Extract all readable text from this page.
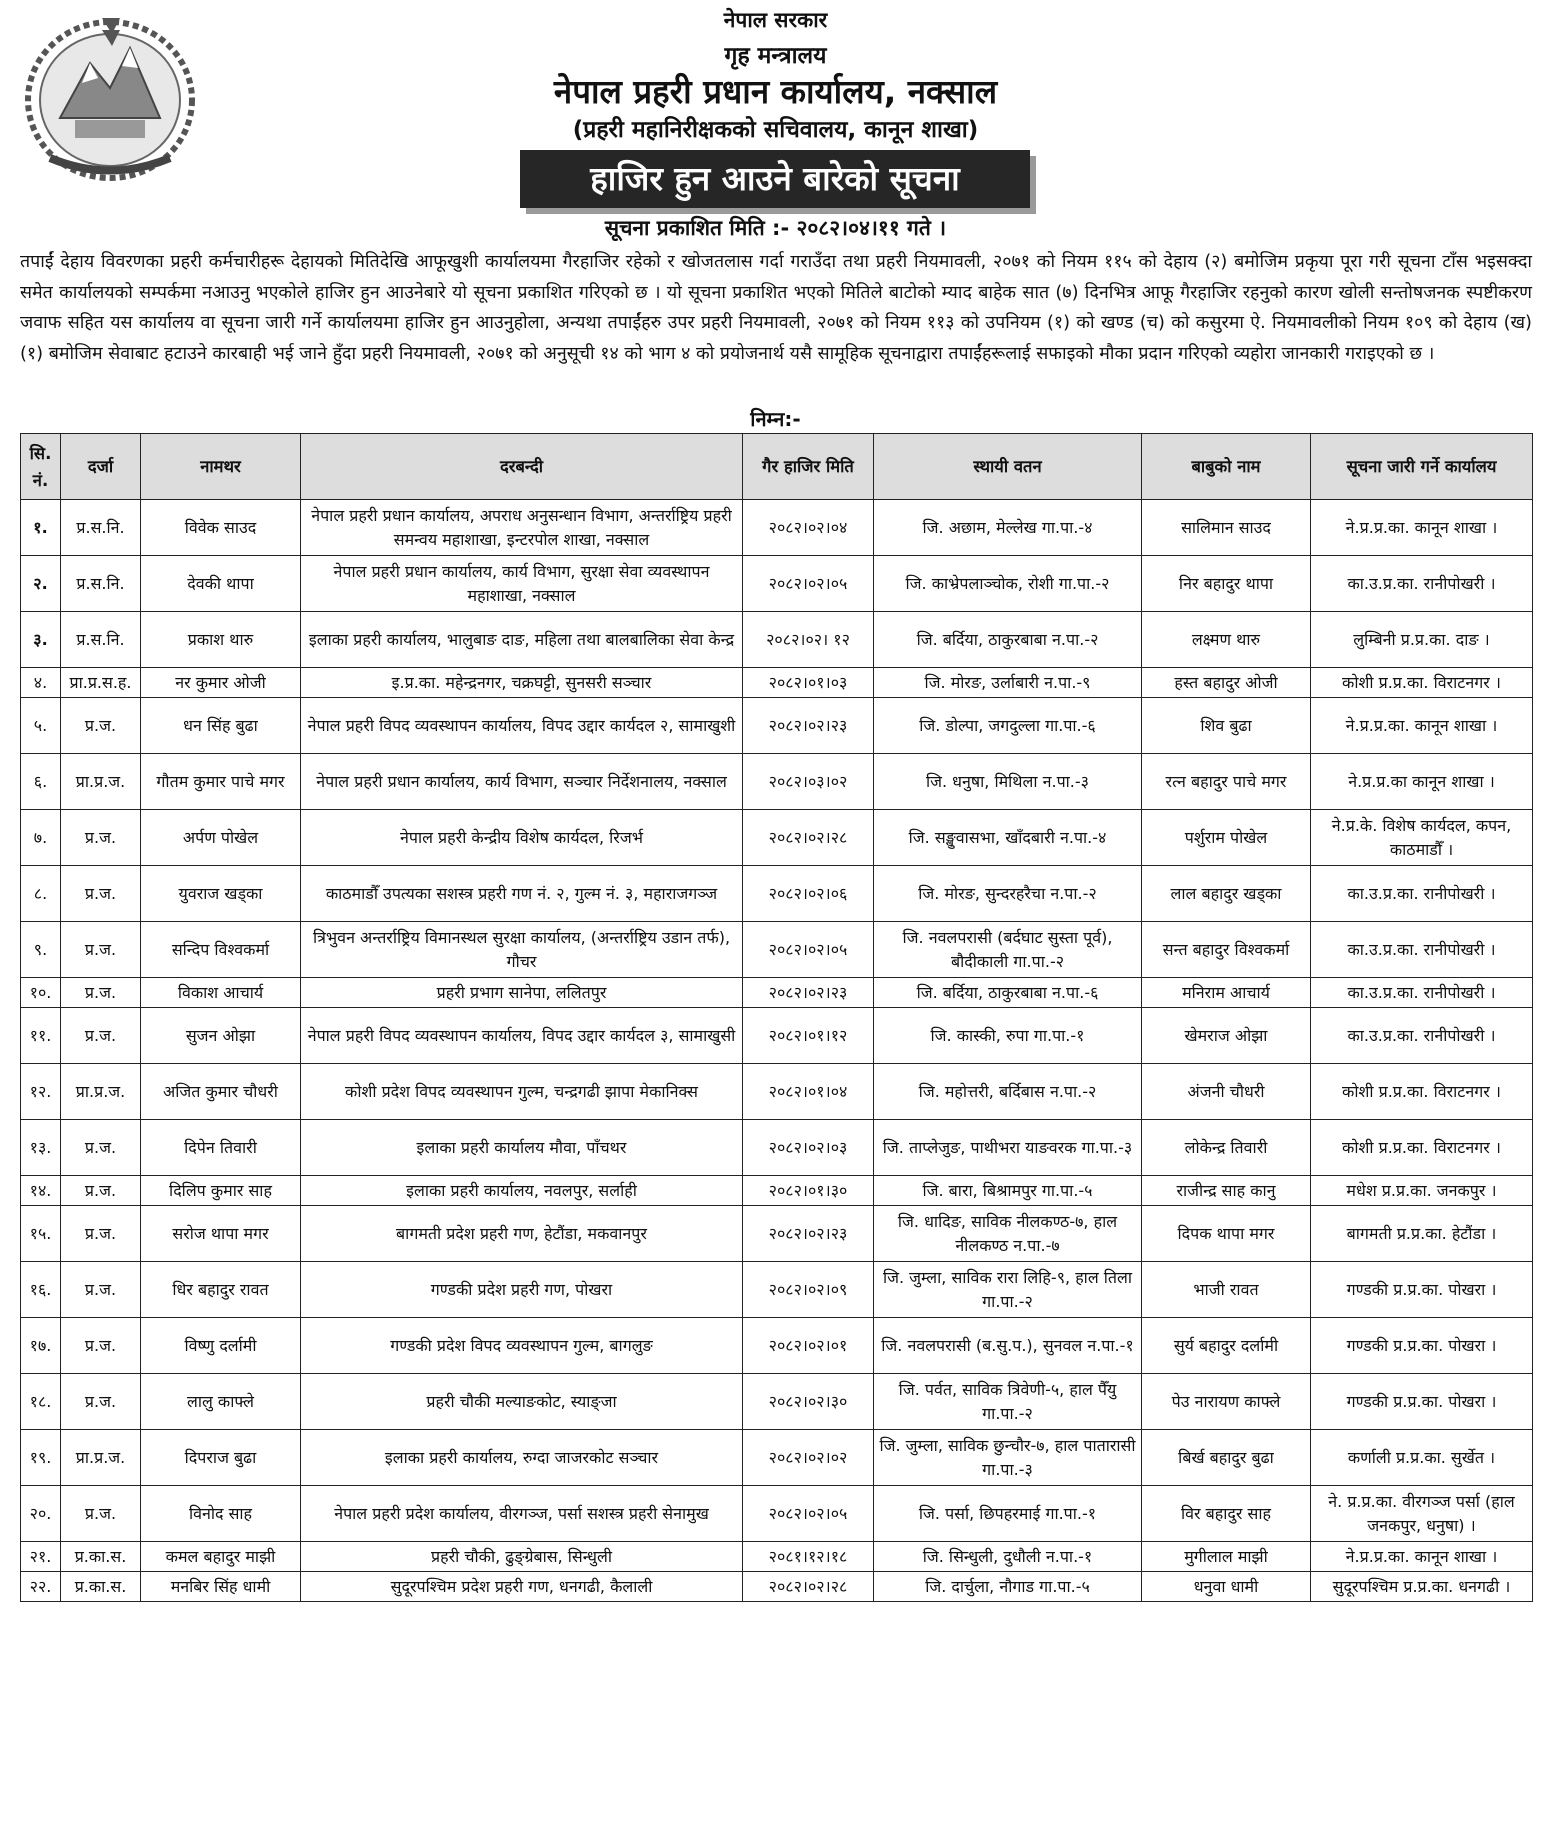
नेपाल सरकार
गृह मन्त्रालय
नेपाल प्रहरी प्रधान कार्यालय, नक्साल
(प्रहरी महानिरीक्षकको सचिवालय, कानून शाखा)
हाजिर हुन आउने बारेको सूचना
सूचना प्रकाशित मिति :- २०८२।०४।११ गते ।
तपाईं देहाय विवरणका प्रहरी कर्मचारीहरू देहायको मितिदेखि आफूखुशी कार्यालयमा गैरहाजिर रहेको र खोजतलास गर्दा गराउँदा तथा प्रहरी नियमावली, २०७१ को नियम ११५ को देहाय (२) बमोजिम प्रकृया पूरा गरी सूचना टाँस भइसक्दा समेत कार्यालयको सम्पर्कमा नआउनु भएकोले हाजिर हुन आउनेबारे यो सूचना प्रकाशित गरिएको छ । यो सूचना प्रकाशित भएको मितिले बाटोको म्याद बाहेक सात (७) दिनभित्र आफू गैरहाजिर रहनुको कारण खोली सन्तोषजनक स्पष्टीकरण जवाफ सहित यस कार्यालय वा सूचना जारी गर्ने कार्यालयमा हाजिर हुन आउनुहोला, अन्यथा तपाईंहरु उपर प्रहरी नियमावली, २०७१ को नियम ११३ को उपनियम (१) को खण्ड (च) को कसुरमा ऐ. नियमावलीको नियम १०९ को देहाय (ख) (१) बमोजिम सेवाबाट हटाउने कारबाही भई जाने हुँदा प्रहरी नियमावली, २०७१ को अनुसूची १४ को भाग ४ को प्रयोजनार्थ यसै सामूहिक सूचनाद्वारा तपाईंहरूलाई सफाइको मौका प्रदान गरिएको व्यहोरा जानकारी गराइएको छ ।
निम्न:-
सि. नं.	दर्जा	नामथर	दरबन्दी	गैर हाजिर मिति	स्थायी वतन	बाबुको नाम	सूचना जारी गर्ने कार्यालय
१.	प्र.स.नि.	विवेक साउद	नेपाल प्रहरी प्रधान कार्यालय, अपराध अनुसन्धान विभाग, अन्तर्राष्ट्रिय प्रहरी समन्वय महाशाखा, इन्टरपोल शाखा, नक्साल	२०८२।०२।०४	जि. अछाम, मेल्लेख गा.पा.-४	सालिमान साउद	ने.प्र.प्र.का. कानून शाखा ।
२.	प्र.स.नि.	देवकी थापा	नेपाल प्रहरी प्रधान कार्यालय, कार्य विभाग, सुरक्षा सेवा व्यवस्थापन महाशाखा, नक्साल	२०८२।०२।०५	जि. काभ्रेपलाञ्चोक, रोशी गा.पा.-२	निर बहादुर थापा	का.उ.प्र.का. रानीपोखरी ।
३.	प्र.स.नि.	प्रकाश थारु	इलाका प्रहरी कार्यालय, भालुबाङ दाङ, महिला तथा बालबालिका सेवा केन्द्र	२०८२।०२। १२	जि. बर्दिया, ठाकुरबाबा न.पा.-२	लक्ष्मण थारु	लुम्बिनी प्र.प्र.का. दाङ ।
४.	प्रा.प्र.स.ह.	नर कुमार ओजी	इ.प्र.का. महेन्द्रनगर, चक्रघट्टी, सुनसरी सञ्चार	२०८२।०१।०३	जि. मोरङ, उर्लाबारी न.पा.-९	हस्त बहादुर ओजी	कोशी प्र.प्र.का. विराटनगर ।
५.	प्र.ज.	धन सिंह बुढा	नेपाल प्रहरी विपद व्यवस्थापन कार्यालय, विपद उद्दार कार्यदल २, सामाखुशी	२०८२।०२।२३	जि. डोल्पा, जगदुल्ला गा.पा.-६	शिव बुढा	ने.प्र.प्र.का. कानून शाखा ।
६.	प्रा.प्र.ज.	गौतम कुमार पाचे मगर	नेपाल प्रहरी प्रधान कार्यालय, कार्य विभाग, सञ्चार निर्देशनालय, नक्साल	२०८२।०३।०२	जि. धनुषा, मिथिला न.पा.-३	रत्न बहादुर पाचे मगर	ने.प्र.प्र.का कानून शाखा ।
७.	प्र.ज.	अर्पण पोखेल	नेपाल प्रहरी केन्द्रीय विशेष कार्यदल, रिजर्भ	२०८२।०२।२८	जि. सङ्खुवासभा, खाँदबारी न.पा.-४	पर्शुराम पोखेल	ने.प्र.के. विशेष कार्यदल, कपन, काठमाडौँ ।
८.	प्र.ज.	युवराज खड्का	काठमाडौँ उपत्यका सशस्त्र प्रहरी गण नं. २, गुल्म नं. ३, महाराजगञ्ज	२०८२।०२।०६	जि. मोरङ, सुन्दरहरैचा न.पा.-२	लाल बहादुर खड्का	का.उ.प्र.का. रानीपोखरी ।
९.	प्र.ज.	सन्दिप विश्वकर्मा	त्रिभुवन अन्तर्राष्ट्रिय विमानस्थल सुरक्षा कार्यालय, (अन्तर्राष्ट्रिय उडान तर्फ), गौचर	२०८२।०२।०५	जि. नवलपरासी (बर्दघाट सुस्ता पूर्व), बौदीकाली गा.पा.-२	सन्त बहादुर विश्वकर्मा	का.उ.प्र.का. रानीपोखरी ।
१०.	प्र.ज.	विकाश आचार्य	प्रहरी प्रभाग सानेपा, ललितपुर	२०८२।०२।२३	जि. बर्दिया, ठाकुरबाबा न.पा.-६	मनिराम आचार्य	का.उ.प्र.का. रानीपोखरी ।
११.	प्र.ज.	सुजन ओझा	नेपाल प्रहरी विपद व्यवस्थापन कार्यालय, विपद उद्दार कार्यदल ३, सामाखुसी	२०८२।०१।१२	जि. कास्की, रुपा गा.पा.-१	खेमराज ओझा	का.उ.प्र.का. रानीपोखरी ।
१२.	प्रा.प्र.ज.	अजित कुमार चौधरी	कोशी प्रदेश विपद व्यवस्थापन गुल्म, चन्द्रगढी झापा मेकानिक्स	२०८२।०१।०४	जि. महोत्तरी, बर्दिबास न.पा.-२	अंजनी चौधरी	कोशी प्र.प्र.का. विराटनगर ।
१३.	प्र.ज.	दिपेन तिवारी	इलाका प्रहरी कार्यालय मौवा, पाँचथर	२०८२।०२।०३	जि. ताप्लेजुङ, पाथीभरा याङवरक गा.पा.-३	लोकेन्द्र तिवारी	कोशी प्र.प्र.का. विराटनगर ।
१४.	प्र.ज.	दिलिप कुमार साह	इलाका प्रहरी कार्यालय, नवलपुर, सर्लाही	२०८२।०१।३०	जि. बारा, बिश्रामपुर गा.पा.-५	राजीन्द्र साह कानु	मधेश प्र.प्र.का. जनकपुर ।
१५.	प्र.ज.	सरोज थापा मगर	बागमती प्रदेश प्रहरी गण, हेटौंडा, मकवानपुर	२०८२।०२।२३	जि. धादिङ, साविक नीलकण्ठ-७, हाल नीलकण्ठ न.पा.-७	दिपक थापा मगर	बागमती प्र.प्र.का. हेटौंडा ।
१६.	प्र.ज.	धिर बहादुर रावत	गण्डकी प्रदेश प्रहरी गण, पोखरा	२०८२।०२।०९	जि. जुम्ला, साविक रारा लिहि-९, हाल तिला गा.पा.-२	भाजी रावत	गण्डकी प्र.प्र.का. पोखरा ।
१७.	प्र.ज.	विष्णु दर्लामी	गण्डकी प्रदेश विपद व्यवस्थापन गुल्म, बागलुङ	२०८२।०२।०१	जि. नवलपरासी (ब.सु.प.), सुनवल न.पा.-१	सुर्य बहादुर दर्लामी	गण्डकी प्र.प्र.का. पोखरा ।
१८.	प्र.ज.	लालु काफ्ले	प्रहरी चौकी मल्याङकोट, स्याङ्जा	२०८२।०२।३०	जि. पर्वत, साविक त्रिवेणी-५, हाल पैँयु गा.पा.-२	पेउ नारायण काफ्ले	गण्डकी प्र.प्र.का. पोखरा ।
१९.	प्रा.प्र.ज.	दिपराज बुढा	इलाका प्रहरी कार्यालय, रुग्दा जाजरकोट सञ्चार	२०८२।०२।०२	जि. जुम्ला, साविक छुन्चौर-७, हाल पातारासी गा.पा.-३	बिर्ख बहादुर बुढा	कर्णाली प्र.प्र.का. सुर्खेत ।
२०.	प्र.ज.	विनोद साह	नेपाल प्रहरी प्रदेश कार्यालय, वीरगञ्ज, पर्सा सशस्त्र प्रहरी सेनामुख	२०८२।०२।०५	जि. पर्सा, छिपहरमाई गा.पा.-१	विर बहादुर साह	ने. प्र.प्र.का. वीरगञ्ज पर्सा (हाल जनकपुर, धनुषा) ।
२१.	प्र.का.स.	कमल बहादुर माझी	प्रहरी चौकी, ढुङ्ग्रेबास, सिन्धुली	२०८१।१२।१८	जि. सिन्धुली, दुधौली न.पा.-१	मुगीलाल माझी	ने.प्र.प्र.का. कानून शाखा ।
२२.	प्र.का.स.	मनबिर सिंह धामी	सुदूरपश्चिम प्रदेश प्रहरी गण, धनगढी, कैलाली	२०८२।०२।२८	जि. दार्चुला, नौगाड गा.पा.-५	धनुवा धामी	सुदूरपश्चिम प्र.प्र.का. धनगढी ।
